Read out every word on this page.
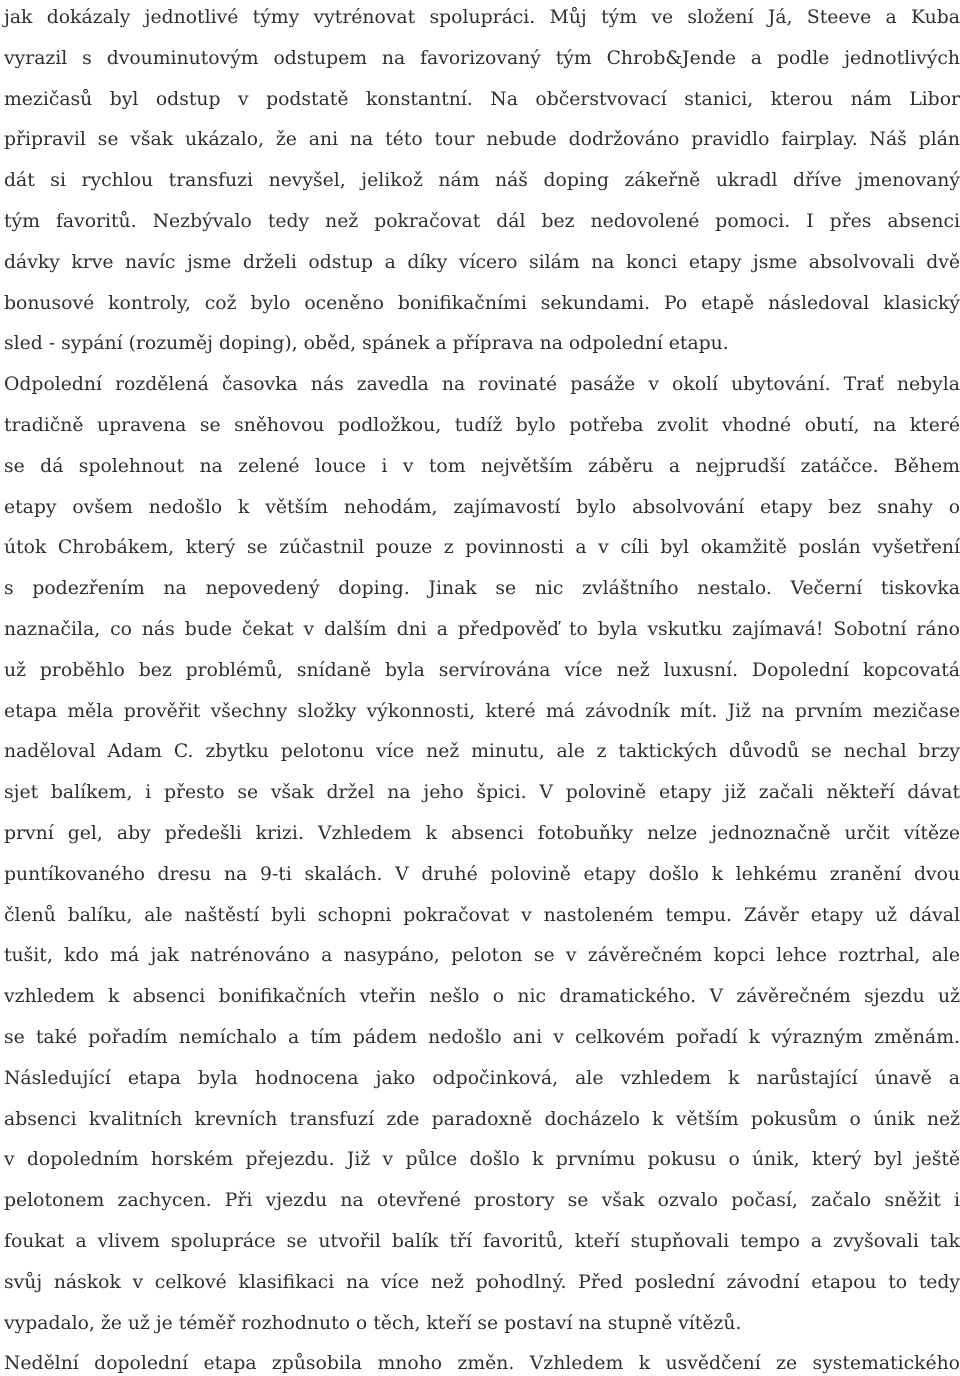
jak dokázaly jednotlivé týmy vytrénovat spolupráci. Můj tým ve složení Já, Steeve a Kuba
vyrazil s dvouminutovým odstupem na favorizovaný tým Chrob&Jende a podle jednotlivých
mezičasů byl odstup v podstatě konstantní. Na občerstvovací stanici, kterou nám Libor
připravil se však ukázalo, že ani na této tour nebude dodržováno pravidlo fairplay. Náš plán
dát si rychlou transfuzi nevyšel, jelikož nám náš doping zákeřně ukradl dříve jmenovaný
tým favoritů. Nezbývalo tedy než pokračovat dál bez nedovolené pomoci. I přes absenci
dávky krve navíc jsme drželi odstup a díky vícero silám na konci etapy jsme absolvovali dvě
bonusové kontroly, což bylo oceněno bonifikačními sekundami. Po etapě následoval klasický
sled - sypání (rozuměj doping), oběd, spánek a příprava na odpolední etapu.
Odpolední rozdělená časovka nás zavedla na rovinaté pasáže v okolí ubytování. Trať nebyla
tradičně upravena se sněhovou podložkou, tudíž bylo potřeba zvolit vhodné obutí, na které
se dá spolehnout na zelené louce i v tom největším záběru a nejprudší zatáčce. Během
etapy ovšem nedošlo k větším nehodám, zajímavostí bylo absolvování etapy bez snahy o
útok Chrobákem, který se zúčastnil pouze z povinnosti a v cíli byl okamžitě poslán vyšetření
s podezřením na nepovedený doping. Jinak se nic zvláštního nestalo. Večerní tiskovka
naznačila, co nás bude čekat v dalším dni a předpověď to byla vskutku zajímavá! Sobotní ráno
už proběhlo bez problémů, snídaně byla servírována více než luxusní. Dopolední kopcovatá
etapa měla prověřit všechny složky výkonnosti, které má závodník mít. Již na prvním mezičase
naděloval Adam C. zbytku pelotonu více než minutu, ale z taktických důvodů se nechal brzy
sjet balíkem, i přesto se však držel na jeho špici. V polovině etapy již začali někteří dávat
první gel, aby předešli krizi. Vzhledem k absenci fotobuňky nelze jednoznačně určit vítěze
puntíkovaného dresu na 9-ti skalách. V druhé polovině etapy došlo k lehkému zranění dvou
členů balíku, ale naštěstí byli schopni pokračovat v nastoleném tempu. Závěr etapy už dával
tušit, kdo má jak natrénováno a nasypáno, peloton se v závěrečném kopci lehce roztrhal, ale
vzhledem k absenci bonifikačních vteřin nešlo o nic dramatického. V závěrečném sjezdu už
se také pořadím nemíchalo a tím pádem nedošlo ani v celkovém pořadí k výrazným změnám.
Následující etapa byla hodnocena jako odpočinková, ale vzhledem k narůstající únavě a
absenci kvalitních krevních transfuzí zde paradoxně docházelo k větším pokusům o únik než
v dopoledním horském přejezdu. Již v půlce došlo k prvnímu pokusu o únik, který byl ještě
pelotonem zachycen. Při vjezdu na otevřené prostory se však ozvalo počasí, začalo sněžit i
foukat a vlivem spolupráce se utvořil balík tří favoritů, kteří stupňovali tempo a zvyšovali tak
svůj náskok v celkové klasifikaci na více než pohodlný. Před poslední závodní etapou to tedy
vypadalo, že už je téměř rozhodnuto o těch, kteří se postaví na stupně vítězů.
Nedělní dopolední etapa způsobila mnoho změn. Vzhledem k usvědčení ze systematického
